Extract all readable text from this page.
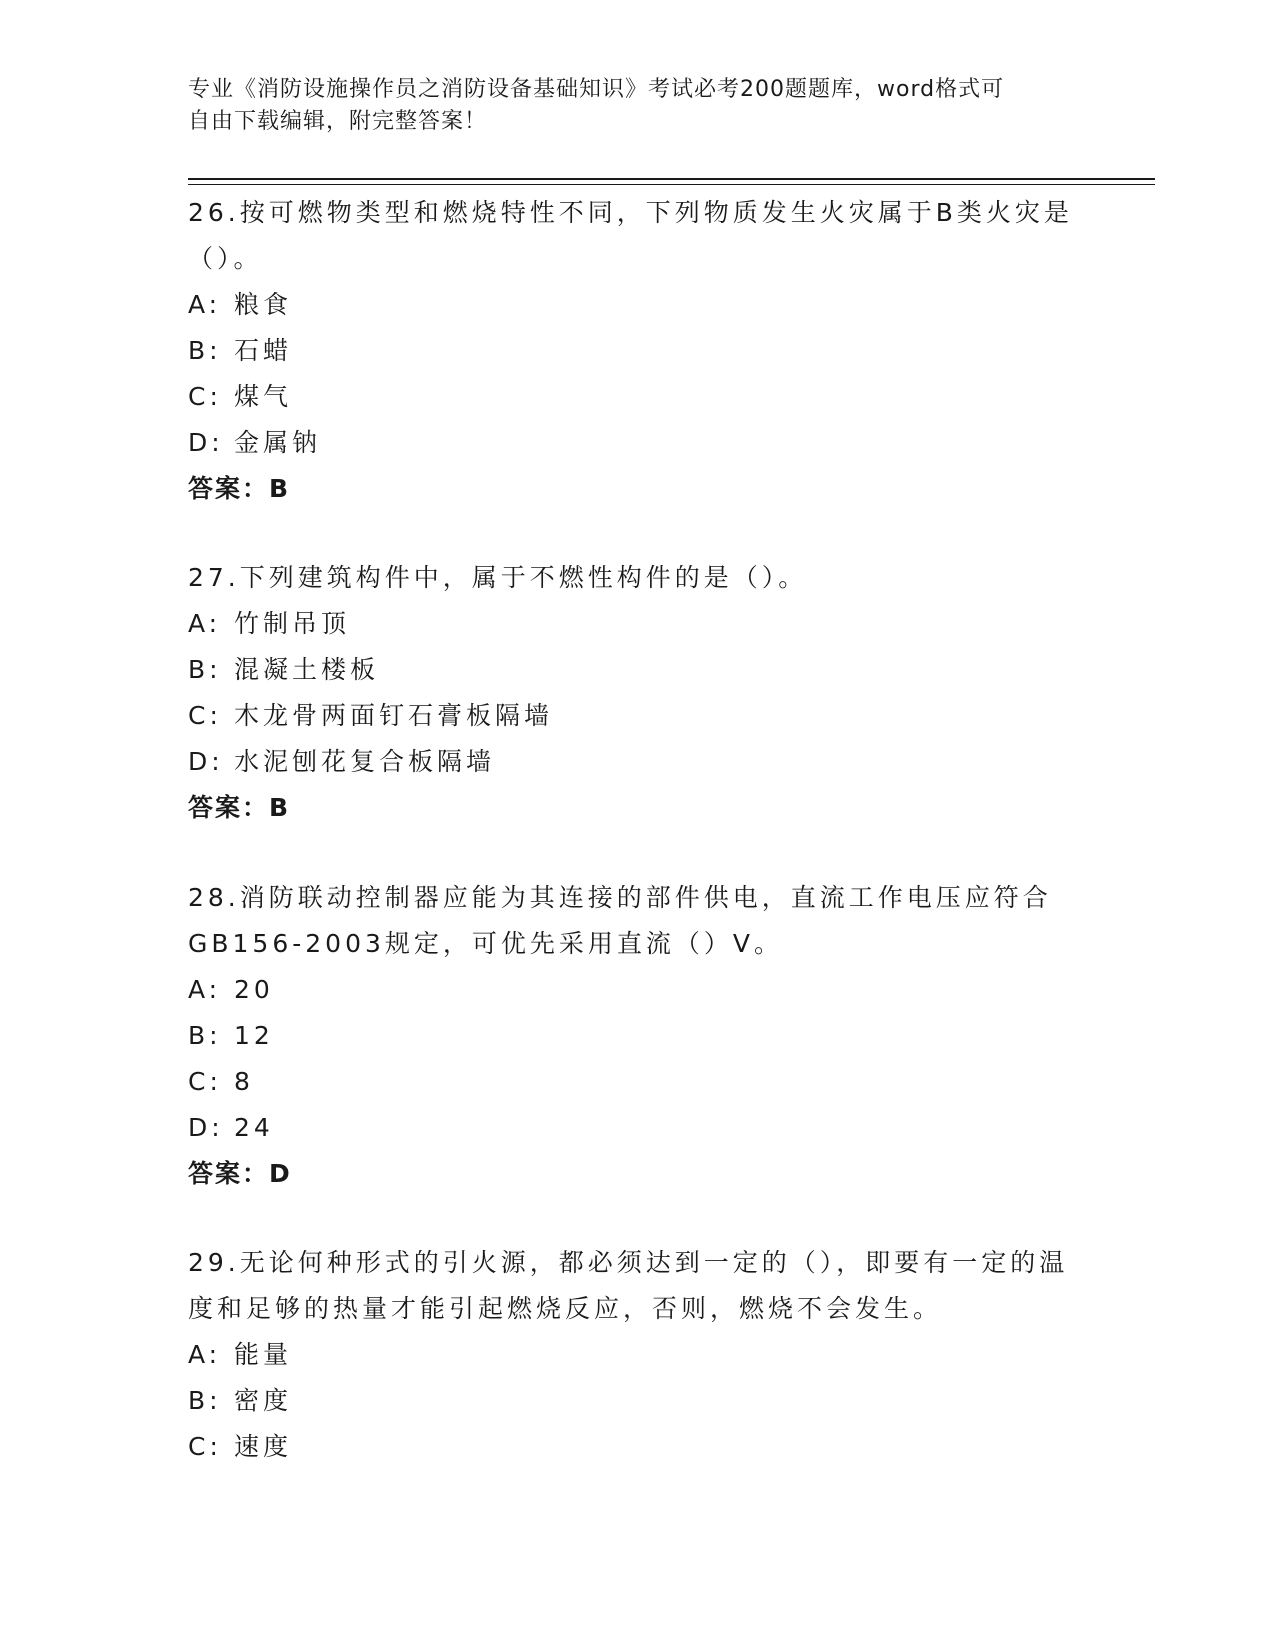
专业《消防设施操作员之消防设备基础知识》考试必考200题题库，word格式可
自由下载编辑，附完整答案！

26.按可燃物类型和燃烧特性不同，下列物质发生火灾属于B类火灾是

（）。

A: 粮食

B: 石蜡

C: 煤气

D: 金属钠

答案：B

27.下列建筑构件中，属于不燃性构件的是（）。

A: 竹制吊顶

B: 混凝土楼板

C: 木龙骨两面钉石膏板隔墙

D: 水泥刨花复合板隔墙

答案：B

28.消防联动控制器应能为其连接的部件供电，直流工作电压应符合

GB156-2003规定，可优先采用直流（）V。

A: 20

B: 12

C: 8

D: 24

答案：D

29.无论何种形式的引火源，都必须达到一定的（），即要有一定的温

度和足够的热量才能引起燃烧反应，否则，燃烧不会发生。

A: 能量

B: 密度

C: 速度
